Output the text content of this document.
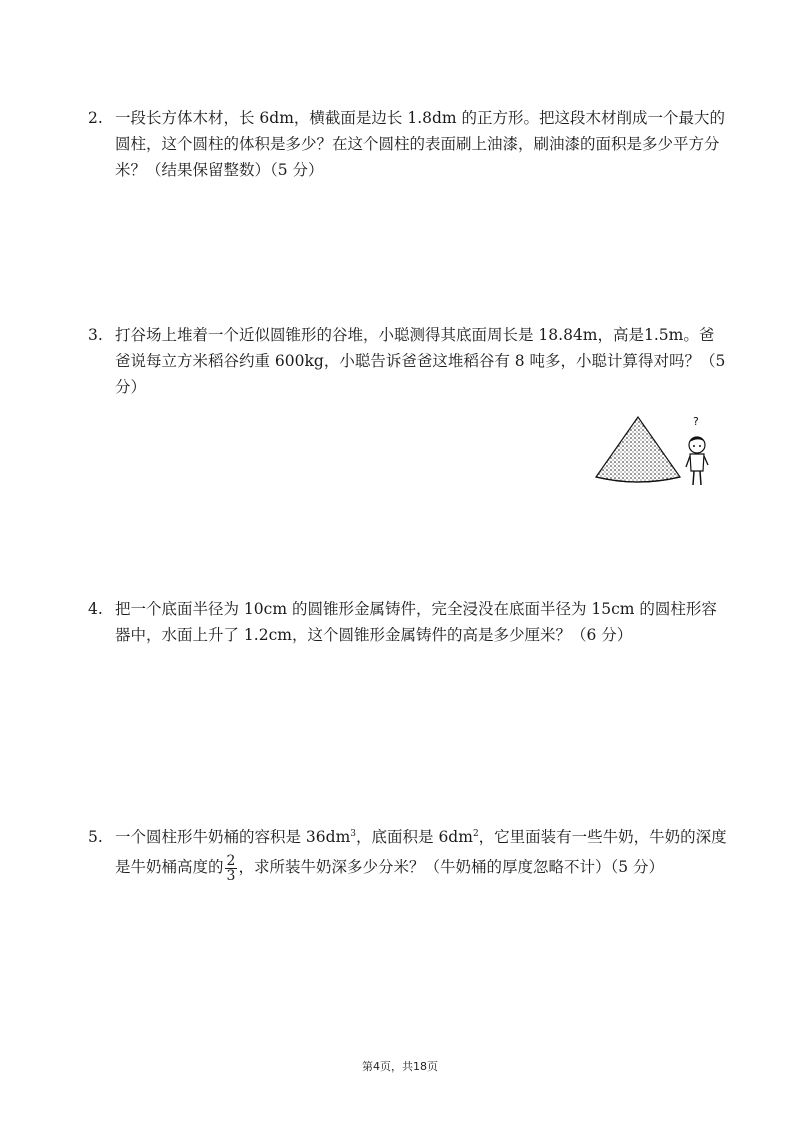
2. 一段长方体木材，长 6dm，横截面是边长 1.8dm 的正方形。把这段木材削成一个最大的圆柱，这个圆柱的体积是多少？在这个圆柱的表面刷上油漆，刷油漆的面积是多少平方分米？（结果保留整数）（5 分）
3. 打谷场上堆着一个近似圆锥形的谷堆，小聪测得其底面周长是 18.84m，高是1.5m。爸爸说每立方米稻谷约重 600kg，小聪告诉爸爸这堆稻谷有 8 吨多，小聪计算得对吗？（5 分）
?
4. 把一个底面半径为 10cm 的圆锥形金属铸件，完全浸没在底面半径为 15cm 的圆柱形容器中，水面上升了 1.2cm，这个圆锥形金属铸件的高是多少厘米？（6 分）
5. 一个圆柱形牛奶桶的容积是 $36dm^3$，底面积是 $6dm^2$，它里面装有一些牛奶，牛奶的深度是牛奶桶高度的 $\frac{2}{3}$ ，求所装牛奶深多少分米？（牛奶桶的厚度忽略不计）（5 分）
第4页，共18页
